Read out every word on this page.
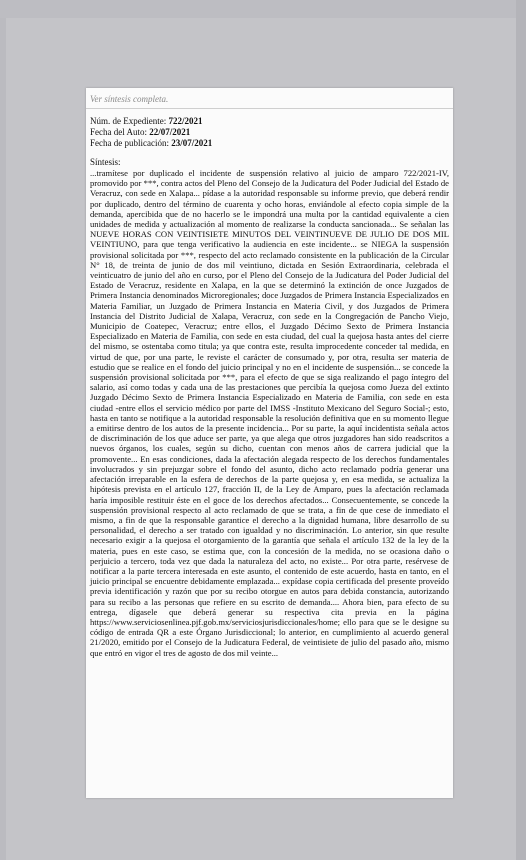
Ver síntesis completa.
Núm. de Expediente: 722/2021
Fecha del Auto: 22/07/2021
Fecha de publicación: 23/07/2021
Síntesis:
...tramítese por duplicado el incidente de suspensión relativo al juicio de amparo 722/2021-IV, promovido por ***, contra actos del Pleno del Consejo de la Judicatura del Poder Judicial del Estado de Veracruz, con sede en Xalapa... pídase a la autoridad responsable su informe previo, que deberá rendir por duplicado, dentro del término de cuarenta y ocho horas, enviándole al efecto copia simple de la demanda, apercibida que de no hacerlo se le impondrá una multa por la cantidad equivalente a cien unidades de medida y actualización al momento de realizarse la conducta sancionada... Se señalan las NUEVE HORAS CON VEINTISIETE MINUTOS DEL VEINTINUEVE DE JULIO DE DOS MIL VEINTIUNO, para que tenga verificativo la audiencia en este incidente... se NIEGA la suspensión provisional solicitada por ***, respecto del acto reclamado consistente en la publicación de la Circular N° 18, de treinta de junio de dos mil veintiuno, dictada en Sesión Extraordinaria, celebrada el veinticuatro de junio del año en curso, por el Pleno del Consejo de la Judicatura del Poder Judicial del Estado de Veracruz, residente en Xalapa, en la que se determinó la extinción de once Juzgados de Primera Instancia denominados Microregionales; doce Juzgados de Primera Instancia Especializados en Materia Familiar, un Juzgado de Primera Instancia en Materia Civil, y dos Juzgados de Primera Instancia del Distrito Judicial de Xalapa, Veracruz, con sede en la Congregación de Pancho Viejo, Municipio de Coatepec, Veracruz; entre ellos, el Juzgado Décimo Sexto de Primera Instancia Especializado en Materia de Familia, con sede en esta ciudad, del cual la quejosa hasta antes del cierre del mismo, se ostentaba como titula; ya que contra este, resulta improcedente conceder tal medida, en virtud de que, por una parte, le reviste el carácter de consumado y, por otra, resulta ser materia de estudio que se realice en el fondo del juicio principal y no en el incidente de suspensión... se concede la suspensión provisional solicitada por ***, para el efecto de que se siga realizando el pago íntegro del salario, así como todas y cada una de las prestaciones que percibía la quejosa como Jueza del extinto Juzgado Décimo Sexto de Primera Instancia Especializado en Materia de Familia, con sede en esta ciudad -entre ellos el servicio médico por parte del IMSS -Instituto Mexicano del Seguro Social-; esto, hasta en tanto se notifique a la autoridad responsable la resolución definitiva que en su momento llegue a emitirse dentro de los autos de la presente incidencia... Por su parte, la aquí incidentista señala actos de discriminación de los que aduce ser parte, ya que alega que otros juzgadores han sido readscritos a nuevos órganos, los cuales, según su dicho, cuentan con menos años de carrera judicial que la promovente... En esas condiciones, dada la afectación alegada respecto de los derechos fundamentales involucrados y sin prejuzgar sobre el fondo del asunto, dicho acto reclamado podría generar una afectación irreparable en la esfera de derechos de la parte quejosa y, en esa medida, se actualiza la hipótesis prevista en el artículo 127, fracción II, de la Ley de Amparo, pues la afectación reclamada haría imposible restituir éste en el goce de los derechos afectados... Consecuentemente, se concede la suspensión provisional respecto al acto reclamado de que se trata, a fin de que cese de inmediato el mismo, a fin de que la responsable garantice el derecho a la dignidad humana, libre desarrollo de su personalidad, el derecho a ser tratado con igualdad y no discriminación. Lo anterior, sin que resulte necesario exigir a la quejosa el otorgamiento de la garantía que señala el artículo 132 de la ley de la materia, pues en este caso, se estima que, con la concesión de la medida, no se ocasiona daño o perjuicio a tercero, toda vez que dada la naturaleza del acto, no existe... Por otra parte, resérvese de notificar a la parte tercera interesada en este asunto, el contenido de este acuerdo, hasta en tanto, en el juicio principal se encuentre debidamente emplazada... expídase copia certificada del presente proveído previa identificación y razón que por su recibo otorgue en autos para debida constancia, autorizando para su recibo a las personas que refiere en su escrito de demanda.... Ahora bien, para efecto de su entrega, dígasele que deberá generar su respectiva cita previa en la página https://www.serviciosenlinea.pjf.gob.mx/serviciosjurisdiccionales/home; ello para que se le designe su código de entrada QR a este Órgano Jurisdiccional; lo anterior, en cumplimiento al acuerdo general 21/2020, emitido por el Consejo de la Judicatura Federal, de veintisiete de julio del pasado año, mismo que entró en vigor el tres de agosto de dos mil veinte...
